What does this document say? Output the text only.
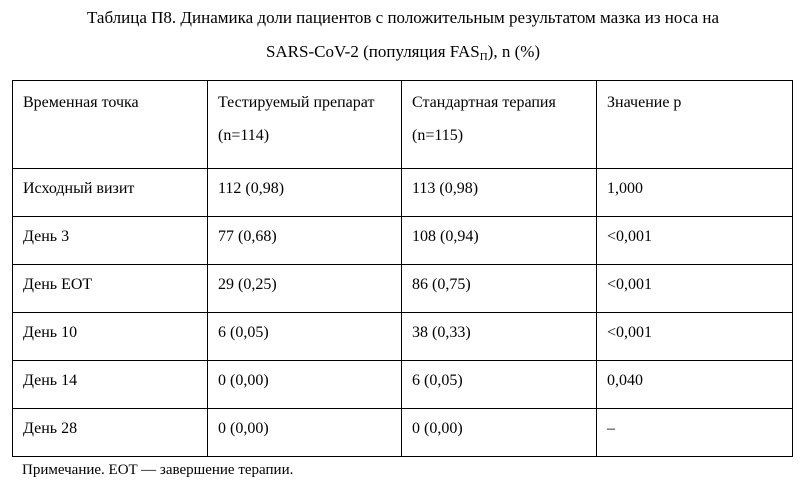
Таблица П8. Динамика доли пациентов с положительным результатом мазка из носа на
SARS-CoV-2 (популяция $FAS_П$), n (%)
Временная точка	Тестируемый препарат (n=114)	Стандартная терапия (n=115)	Значение p
Исходный визит	112 (0,98)	113 (0,98)	1,000
День 3	77 (0,68)	108 (0,94)	<0,001
День EOT	29 (0,25)	86 (0,75)	<0,001
День 10	6 (0,05)	38 (0,33)	<0,001
День 14	0 (0,00)	6 (0,05)	0,040
День 28	0 (0,00)	0 (0,00)	–
Примечание. EOT — завершение терапии.
